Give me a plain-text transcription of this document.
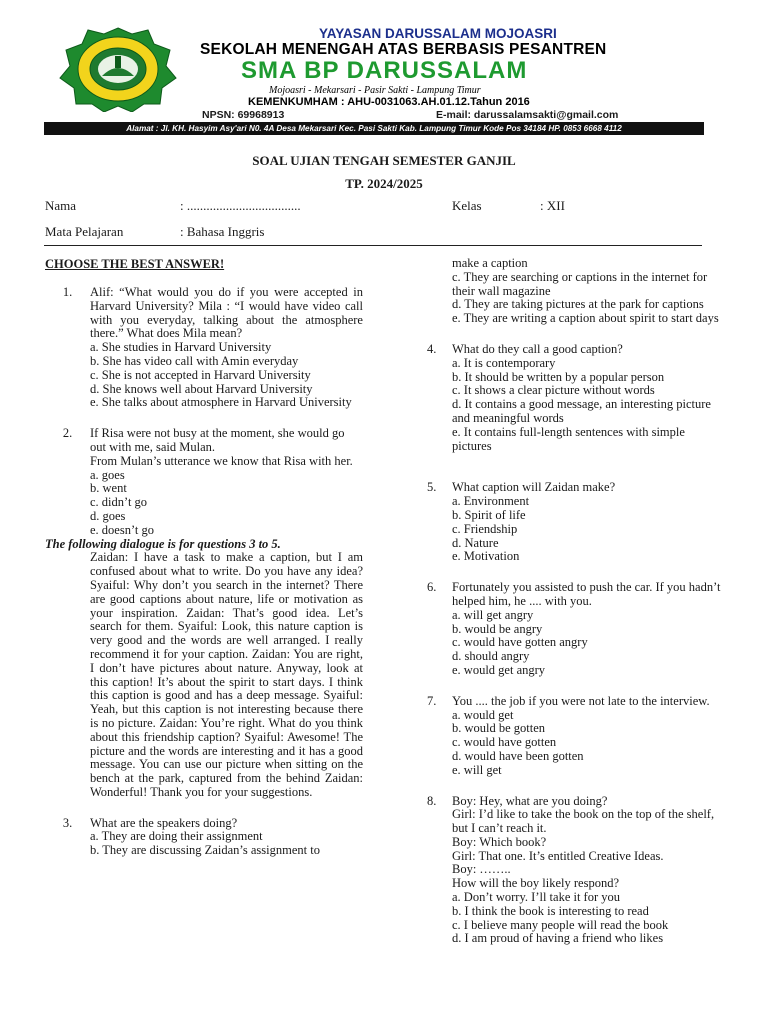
YAYASAN DARUSSALAM MOJOASRI
SEKOLAH MENENGAH ATAS BERBASIS PESANTREN
SMA BP DARUSSALAM
Mojoasri - Mekarsari - Pasir Sakti - Lampung Timur
KEMENKUMHAM : AHU-0031063.AH.01.12.Tahun 2016
NPSN: 69968913	E-mail: darussalamsakti@gmail.com
Alamat : Jl. KH. Hasyim Asy'ari N0. 4A Desa Mekarsari Kec. Pasi Sakti Kab. Lampung Timur Kode Pos 34184 HP. 0853 6668 4112
SOAL UJIAN TENGAH SEMESTER GANJIL
TP. 2024/2025
Nama	: ...................................	Kelas	: XII
Mata Pelajaran	: Bahasa Inggris
CHOOSE THE BEST ANSWER!
1.	Alif: “What would you do if you were accepted in Harvard University? Mila : “I would have video call with you everyday, talking about the atmosphere there.” What does Mila mean?

a. She studies in Harvard University

b. She has video call with Amin everyday

c. She is not accepted in Harvard University

d. She knows well about Harvard University

e. She talks about atmosphere in Harvard University

2.	If Risa were not busy at the moment, she would go out with me, said Mulan.

From Mulan’s utterance we know that Risa with her.

a. goes

b. went

c. didn’t go

d. goes

e. doesn’t go

The following dialogue is for questions 3 to 5.

Zaidan: I have a task to make a caption, but I am confused about what to write. Do you have any idea? Syaiful: Why don’t you search in the internet? There are good captions about nature, life or motivation as your inspiration. Zaidan: That’s good idea. Let’s search for them. Syaiful: Look, this nature caption is very good and the words are well arranged. I really recommend it for your caption. Zaidan: You are right, I don’t have pictures about nature. Anyway, look at this caption! It’s about the spirit to start days. I think this caption is good and has a deep message. Syaiful: Yeah, but this caption is not interesting because there is no picture. Zaidan: You’re right. What do you think about this friendship caption? Syaiful: Awesome! The picture and the words are interesting and it has a good message. You can use our picture when sitting on the bench at the park, captured from the behind Zaidan: Wonderful! Thank you for your suggestions.

3.	What are the speakers doing?

a. They are doing their assignment

b. They are discussing Zaidan’s assignment to

make a caption

c. They are searching or captions in the internet for their wall magazine

d. They are taking pictures at the park for captions

e. They are writing a caption about spirit to start days

4.	What do they call a good caption?

a. It is contemporary

b. It should be written by a popular person

c. It shows a clear picture without words

d. It contains a good message, an interesting picture and meaningful words

e. It contains full-length sentences with simple pictures

5.	What caption will Zaidan make?

a. Environment

b. Spirit of life

c. Friendship

d. Nature

e. Motivation

6.	Fortunately you assisted to push the car. If you hadn’t helped him, he .... with you.

a. will get angry

b. would be angry

c. would have gotten angry

d. should angry

e. would get angry

7.	You .... the job if you were not late to the interview.

a. would get

b. would be gotten

c. would have gotten

d. would have been gotten

e. will get

8.	Boy: Hey, what are you doing?

Girl: I’d like to take the book on the top of the shelf, but I can’t reach it.

Boy: Which book?

Girl: That one. It’s entitled Creative Ideas.

Boy: ……..

How will the boy likely respond?

a. Don’t worry. I’ll take it for you

b. I think the book is interesting to read

c. I believe many people will read the book

d. I am proud of having a friend who likes
